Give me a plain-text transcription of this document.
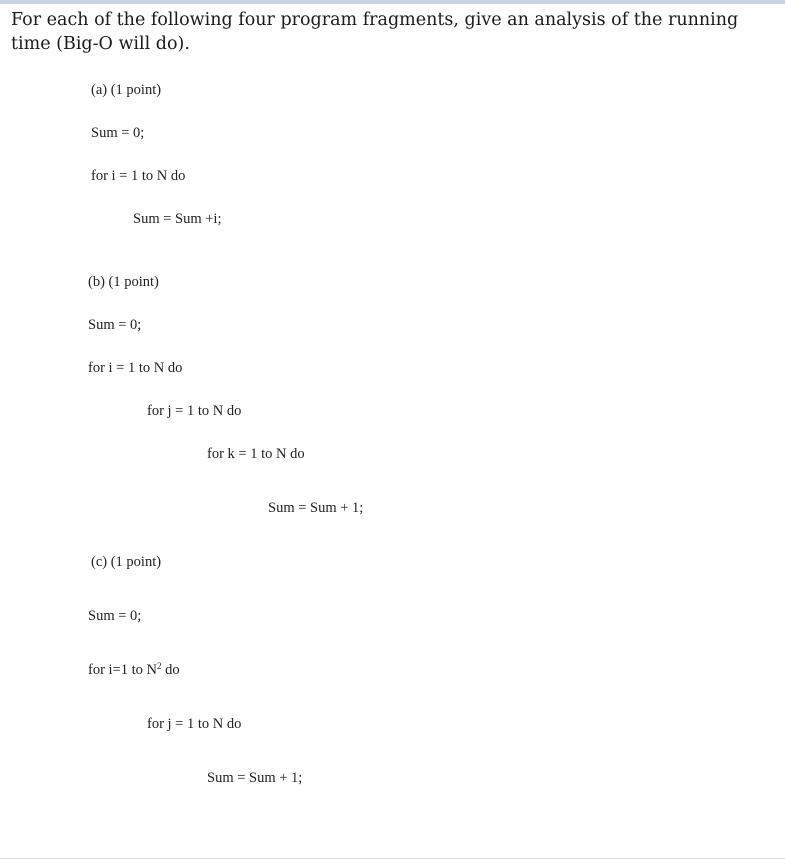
For each of the following four program fragments, give an analysis of the running time (Big-O will do).
(a) (1 point)
Sum = 0;
for i = 1 to N do
Sum = Sum +i;
(b) (1 point)
Sum = 0;
for i = 1 to N do
for j = 1 to N do
for k = 1 to N do
Sum = Sum + 1;
(c) (1 point)
Sum = 0;
for i=1 to $N^2$ do
for j = 1 to N do
Sum = Sum + 1;
